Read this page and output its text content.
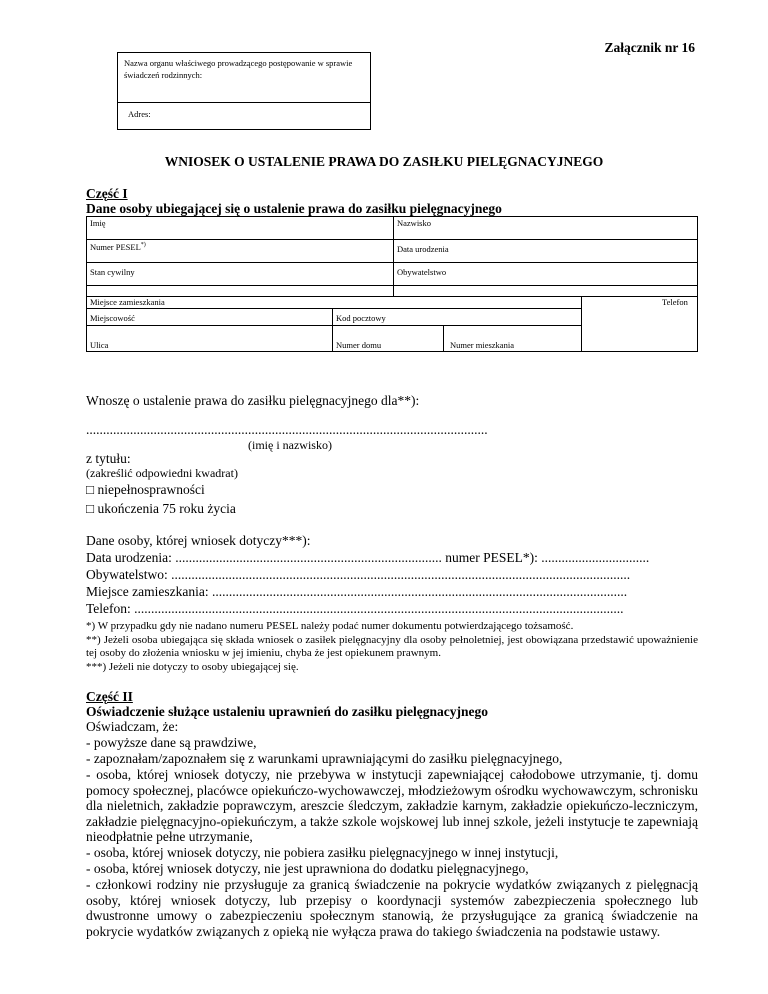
Załącznik nr 16
Nazwa organu właściwego prowadzącego postępowanie w sprawie świadczeń rodzinnych:
Adres:
WNIOSEK O USTALENIE PRAWA DO ZASIŁKU PIELĘGNACYJNEGO
Część I
Dane osoby ubiegającej się o ustalenie prawa do zasiłku pielęgnacyjnego
Imię	Nazwisko
Numer PESEL*)	Data urodzenia
Stan cywilny	Obywatelstwo
Miejsce zamieszkania	Telefon
Miejscowość	Kod pocztowy
Ulica	Numer domu	Numer mieszkania
Wnoszę o ustalenie prawa do zasiłku pielęgnacyjnego dla**):
.......................................................................................................................
(imię i nazwisko)
z tytułu:
(zakreślić odpowiedni kwadrat)
□ niepełnosprawności
□ ukończenia 75 roku życia
Dane osoby, której wniosek dotyczy***):
Data urodzenia: ............................................................................... numer PESEL*): ................................
Obywatelstwo: ........................................................................................................................................
Miejsce zamieszkania: ...........................................................................................................................
Telefon: .................................................................................................................................................
*) W przypadku gdy nie nadano numeru PESEL należy podać numer dokumentu potwierdzającego tożsamość.
**) Jeżeli osoba ubiegająca się składa wniosek o zasiłek pielęgnacyjny dla osoby pełnoletniej, jest obowiązana przedstawić upoważnienie tej osoby do złożenia wniosku w jej imieniu, chyba że jest opiekunem prawnym.
***) Jeżeli nie dotyczy to osoby ubiegającej się.
Część II
Oświadczenie służące ustaleniu uprawnień do zasiłku pielęgnacyjnego
Oświadczam, że:
- powyższe dane są prawdziwe,
- zapoznałam/zapoznałem się z warunkami uprawniającymi do zasiłku pielęgnacyjnego,
- osoba, której wniosek dotyczy, nie przebywa w instytucji zapewniającej całodobowe utrzymanie, tj. domu pomocy społecznej, placówce opiekuńczo-wychowawczej, młodzieżowym ośrodku wychowawczym, schronisku dla nieletnich, zakładzie poprawczym, areszcie śledczym, zakładzie karnym, zakładzie opiekuńczo-leczniczym, zakładzie pielęgnacyjno-opiekuńczym, a także szkole wojskowej lub innej szkole, jeżeli instytucje te zapewniają nieodpłatnie pełne utrzymanie,
- osoba, której wniosek dotyczy, nie pobiera zasiłku pielęgnacyjnego w innej instytucji,
- osoba, której wniosek dotyczy, nie jest uprawniona do dodatku pielęgnacyjnego,
- członkowi rodziny nie przysługuje za granicą świadczenie na pokrycie wydatków związanych z pielęgnacją osoby, której wniosek dotyczy, lub przepisy o koordynacji systemów zabezpieczenia społecznego lub dwustronne umowy o zabezpieczeniu społecznym stanowią, że przysługujące za granicą świadczenie na pokrycie wydatków związanych z opieką nie wyłącza prawa do takiego świadczenia na podstawie ustawy.
